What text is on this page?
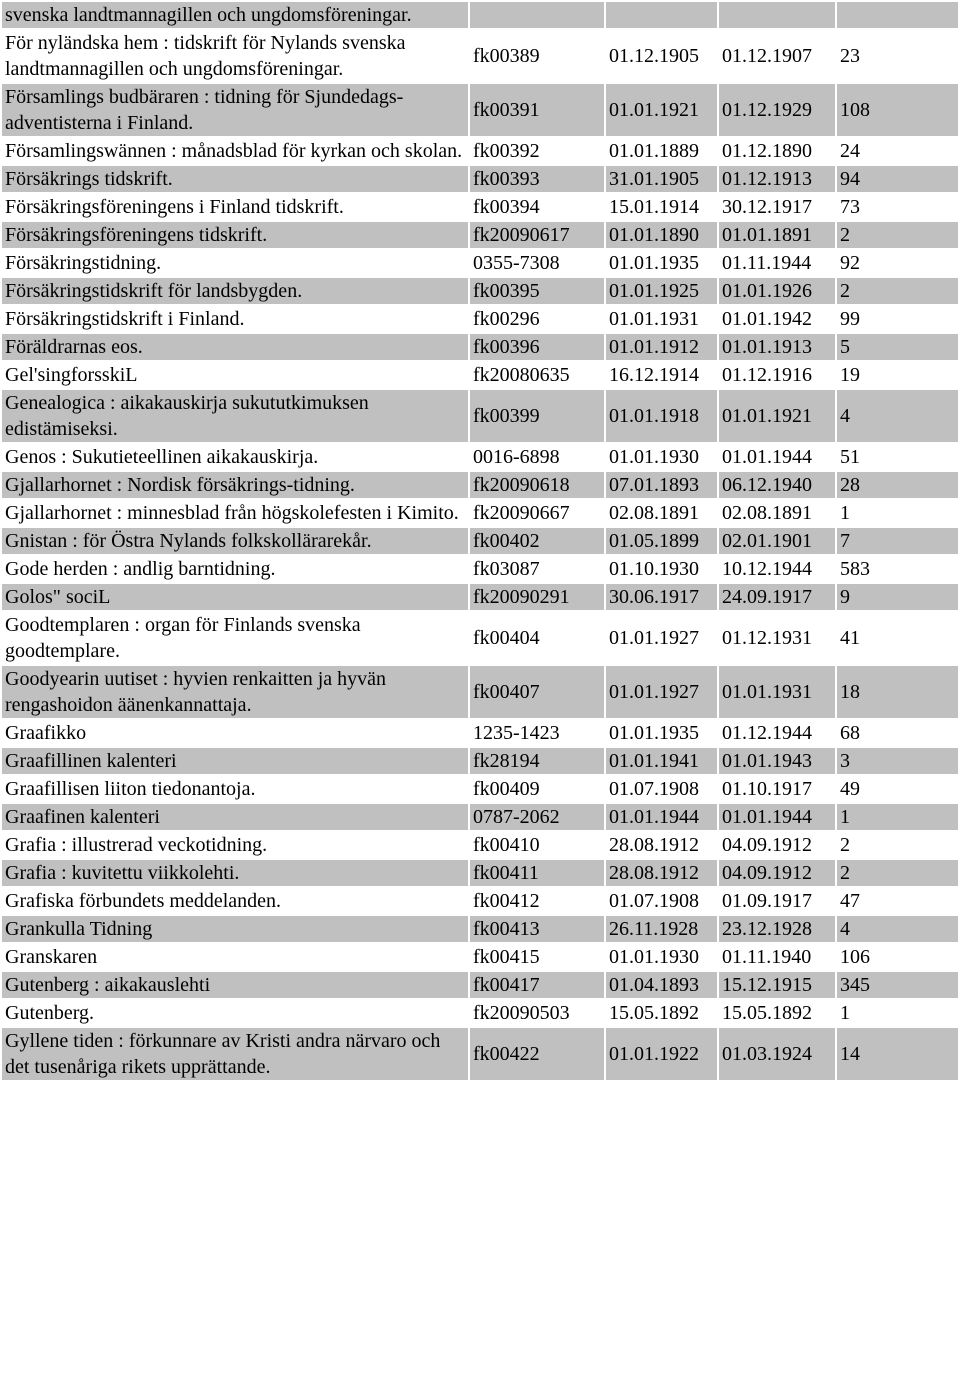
svenska landtmannagillen och ungdomsföreningar.				
För nyländska hem : tidskrift för Nylands svenska landtmannagillen och ungdomsföreningar.	fk00389	01.12.1905	01.12.1907	23
Församlings budbäraren : tidning för Sjundedags-adventisterna i Finland.	fk00391	01.01.1921	01.12.1929	108
Församlingswännen : månadsblad för kyrkan och skolan.	fk00392	01.01.1889	01.12.1890	24
Försäkrings tidskrift.	fk00393	31.01.1905	01.12.1913	94
Försäkringsföreningens i Finland tidskrift.	fk00394	15.01.1914	30.12.1917	73
Försäkringsföreningens tidskrift.	fk20090617	01.01.1890	01.01.1891	2
Försäkringstidning.	0355-7308	01.01.1935	01.11.1944	92
Försäkringstidskrift för landsbygden.	fk00395	01.01.1925	01.01.1926	2
Försäkringstidskrift i Finland.	fk00296	01.01.1931	01.01.1942	99
Föräldrarnas eos.	fk00396	01.01.1912	01.01.1913	5
Gel'singforsskiL	fk20080635	16.12.1914	01.12.1916	19
Genealogica : aikakauskirja sukututkimuksen edistämiseksi.	fk00399	01.01.1918	01.01.1921	4
Genos : Sukutieteellinen aikakauskirja.	0016-6898	01.01.1930	01.01.1944	51
Gjallarhornet : Nordisk försäkrings-tidning.	fk20090618	07.01.1893	06.12.1940	28
Gjallarhornet : minnesblad från högskolefesten i Kimito.	fk20090667	02.08.1891	02.08.1891	1
Gnistan : för Östra Nylands folkskollärarekår.	fk00402	01.05.1899	02.01.1901	7
Gode herden : andlig barntidning.	fk03087	01.10.1930	10.12.1944	583
Golos" sociL	fk20090291	30.06.1917	24.09.1917	9
Goodtemplaren : organ för Finlands svenska goodtemplare.	fk00404	01.01.1927	01.12.1931	41
Goodyearin uutiset : hyvien renkaitten ja hyvän rengashoidon äänenkannattaja.	fk00407	01.01.1927	01.01.1931	18
Graafikko	1235-1423	01.01.1935	01.12.1944	68
Graafillinen kalenteri	fk28194	01.01.1941	01.01.1943	3
Graafillisen liiton tiedonantoja.	fk00409	01.07.1908	01.10.1917	49
Graafinen kalenteri	0787-2062	01.01.1944	01.01.1944	1
Grafia : illustrerad veckotidning.	fk00410	28.08.1912	04.09.1912	2
Grafia : kuvitettu viikkolehti.	fk00411	28.08.1912	04.09.1912	2
Grafiska förbundets meddelanden.	fk00412	01.07.1908	01.09.1917	47
Grankulla Tidning	fk00413	26.11.1928	23.12.1928	4
Granskaren	fk00415	01.01.1930	01.11.1940	106
Gutenberg : aikakauslehti	fk00417	01.04.1893	15.12.1915	345
Gutenberg.	fk20090503	15.05.1892	15.05.1892	1
Gyllene tiden : förkunnare av Kristi andra närvaro och det tusenåriga rikets upprättande.	fk00422	01.01.1922	01.03.1924	14
